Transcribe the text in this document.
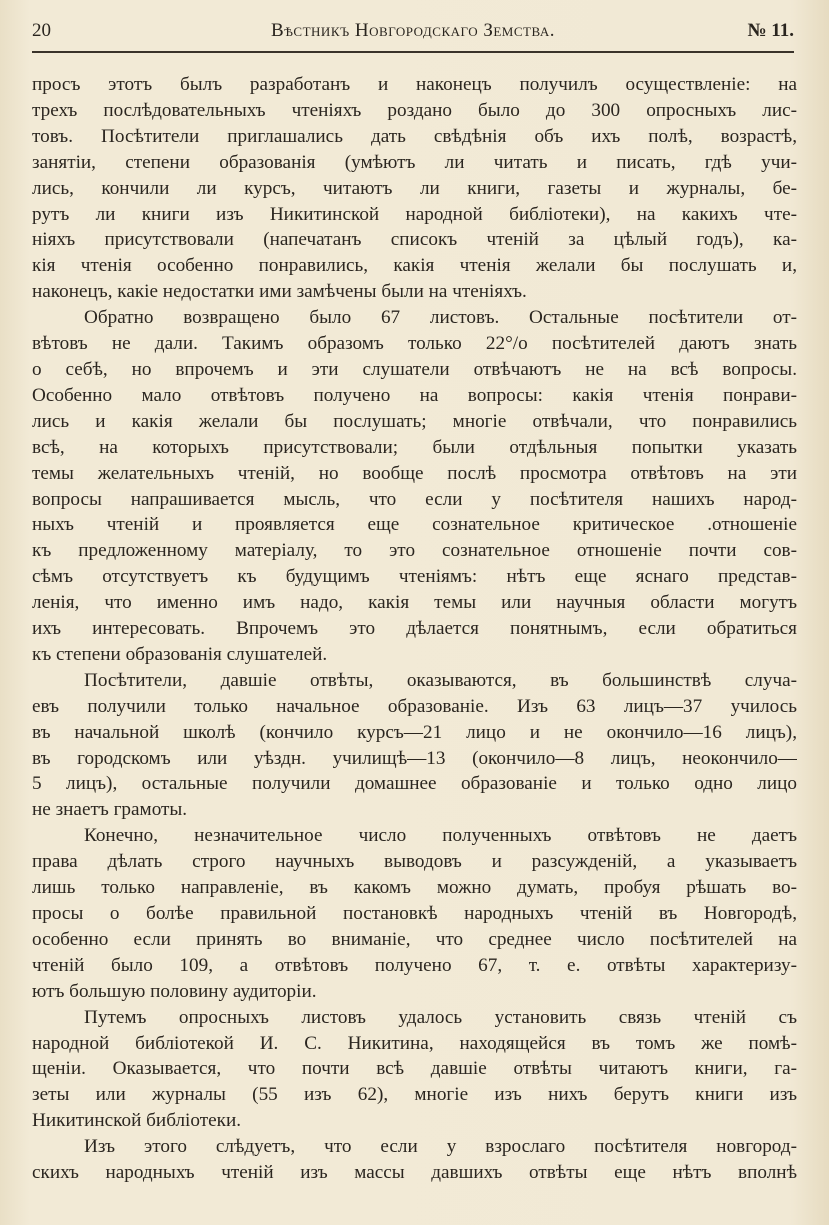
20	Вѣстникъ Новгородскаго Земства.	№ 11.
просъ этотъ былъ разработанъ и наконецъ получилъ осуществленіе: на
трехъ послѣдовательныхъ чтеніяхъ роздано было до 300 опросныхъ лис-
товъ. Посѣтители приглашались дать свѣдѣнія объ ихъ полѣ, возрастѣ,
занятіи, степени образованія (умѣютъ ли читать и писать, гдѣ учи-
лись, кончили ли курсъ, читаютъ ли книги, газеты и журналы, бе-
рутъ ли книги изъ Никитинской народной библіотеки), на какихъ чте-
ніяхъ присутствовали (напечатанъ списокъ чтеній за цѣлый годъ), ка-
кія чтенія особенно понравились, какія чтенія желали бы послушать и,
наконецъ, какіе недостатки ими замѣчены были на чтеніяхъ.
Обратно возвращено было 67 листовъ. Остальные посѣтители от-
вѣтовъ не дали. Такимъ образомъ только 22°/о посѣтителей даютъ знать
о себѣ, но впрочемъ и эти слушатели отвѣчаютъ не на всѣ вопросы.
Особенно мало отвѣтовъ получено на вопросы: какія чтенія понрави-
лись и какія желали бы послушать; многіе отвѣчали, что понравились
всѣ, на которыхъ присутствовали; были отдѣльныя попытки указать
темы желательныхъ чтеній, но вообще послѣ просмотра отвѣтовъ на эти
вопросы напрашивается мысль, что если у посѣтителя нашихъ народ-
ныхъ чтеній и проявляется еще сознательное критическое .отношеніе
къ предложенному матеріалу, то это сознательное отношеніе почти сов-
сѣмъ отсутствуетъ къ будущимъ чтеніямъ: нѣтъ еще яснаго представ-
ленія, что именно имъ надо, какія темы или научныя области могутъ
ихъ интересовать. Впрочемъ это дѣлается понятнымъ, если обратиться
къ степени образованія слушателей.
Посѣтители, давшіе отвѣты, оказываются, въ большинствѣ случа-
евъ получили только начальное образованіе. Изъ 63 лицъ—37 училось
въ начальной школѣ (кончило курсъ—21 лицо и не окончило—16 лицъ),
въ городскомъ или уѣздн. училищѣ—13 (окончило—8 лицъ, неокончило—
5 лицъ), остальные получили домашнее образованіе и только одно лицо
не знаетъ грамоты.
Конечно, незначительное число полученныхъ отвѣтовъ не даетъ
права дѣлать строго научныхъ выводовъ и разсужденій, а указываетъ
лишь только направленіе, въ какомъ можно думать, пробуя рѣшать во-
просы о болѣе правильной постановкѣ народныхъ чтеній въ Новгородѣ,
особенно если принять во вниманіе, что среднее число посѣтителей на
чтеній было 109, а отвѣтовъ получено 67, т. е. отвѣты характеризу-
ютъ большую половину аудиторіи.
Путемъ опросныхъ листовъ удалось установить связь чтеній съ
народной библіотекой И. С. Никитина, находящейся въ томъ же помѣ-
щеніи. Оказывается, что почти всѣ давшіе отвѣты читаютъ книги, га-
зеты или журналы (55 изъ 62), многіе изъ нихъ берутъ книги изъ
Никитинской библіотеки.
Изъ этого слѣдуетъ, что если у взрослаго посѣтителя новгород-
скихъ народныхъ чтеній изъ массы давшихъ отвѣты еще нѣтъ вполнѣ
